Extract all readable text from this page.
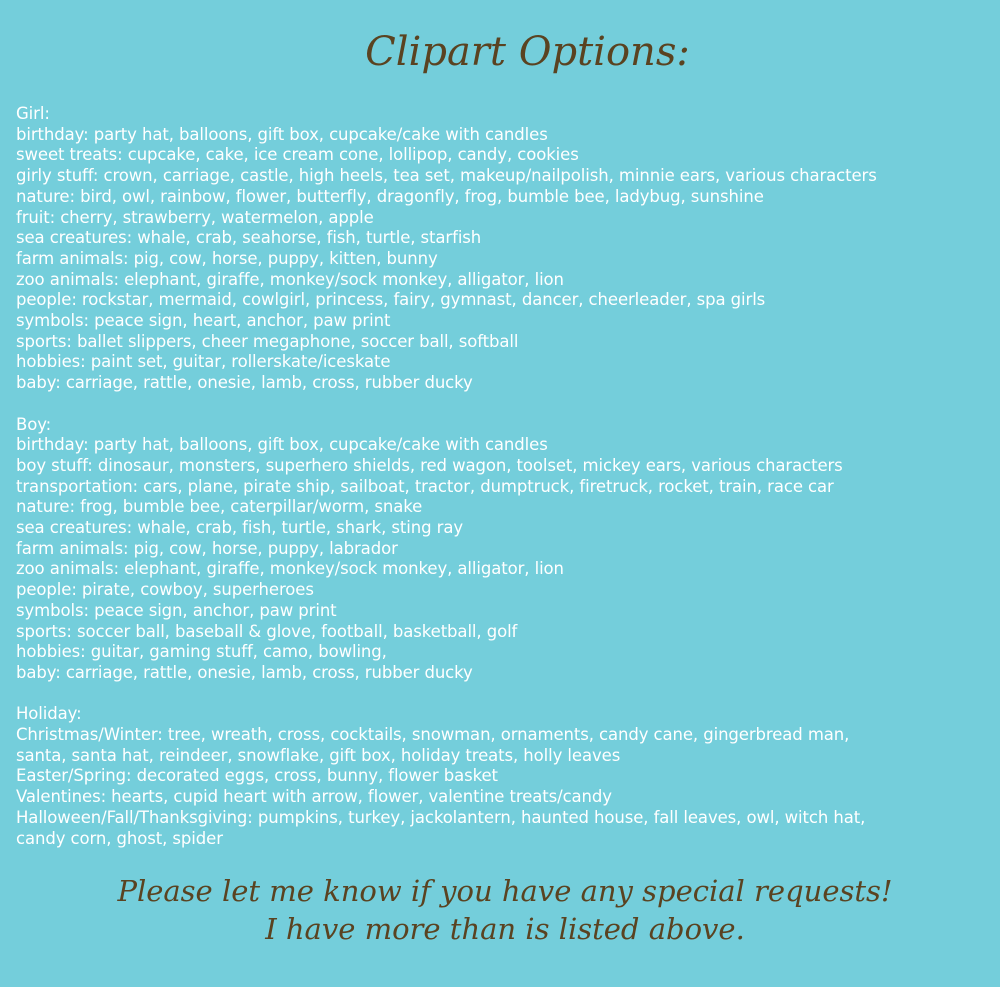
Clipart Options:

Girl:

birthday: party hat, balloons, gift box, cupcake/cake with candles

sweet treats: cupcake, cake, ice cream cone, lollipop, candy, cookies

girly stuff: crown, carriage, castle, high heels, tea set, makeup/nailpolish, minnie ears, various characters

nature: bird, owl, rainbow, flower, butterfly, dragonfly, frog, bumble bee, ladybug, sunshine

fruit: cherry, strawberry, watermelon, apple

sea creatures: whale, crab, seahorse, fish, turtle, starfish

farm animals: pig, cow, horse, puppy, kitten, bunny

zoo animals: elephant, giraffe, monkey/sock monkey, alligator, lion

people: rockstar, mermaid, cowlgirl, princess, fairy, gymnast, dancer, cheerleader, spa girls

symbols: peace sign, heart, anchor, paw print

sports: ballet slippers, cheer megaphone, soccer ball, softball

hobbies: paint set, guitar, rollerskate/iceskate

baby: carriage, rattle, onesie, lamb, cross, rubber ducky

Boy:

birthday: party hat, balloons, gift box, cupcake/cake with candles

boy stuff: dinosaur, monsters, superhero shields, red wagon, toolset, mickey ears, various characters

transportation: cars, plane, pirate ship, sailboat, tractor, dumptruck, firetruck, rocket, train, race car

nature: frog, bumble bee, caterpillar/worm, snake

sea creatures: whale, crab, fish, turtle, shark, sting ray

farm animals: pig, cow, horse, puppy, labrador

zoo animals: elephant, giraffe, monkey/sock monkey, alligator, lion

people: pirate, cowboy, superheroes

symbols: peace sign, anchor, paw print

sports: soccer ball, baseball & glove, football, basketball, golf

hobbies: guitar, gaming stuff, camo, bowling,

baby: carriage, rattle, onesie, lamb, cross, rubber ducky

Holiday:

Christmas/Winter: tree, wreath, cross, cocktails, snowman, ornaments, candy cane, gingerbread man,

santa, santa hat, reindeer, snowflake, gift box, holiday treats, holly leaves

Easter/Spring: decorated eggs, cross, bunny, flower basket

Valentines: hearts, cupid heart with arrow, flower, valentine treats/candy

Halloween/Fall/Thanksgiving: pumpkins, turkey, jackolantern, haunted house, fall leaves, owl, witch hat,

candy corn, ghost, spider

Please let me know if you have any special requests!

I have more than is listed above.
